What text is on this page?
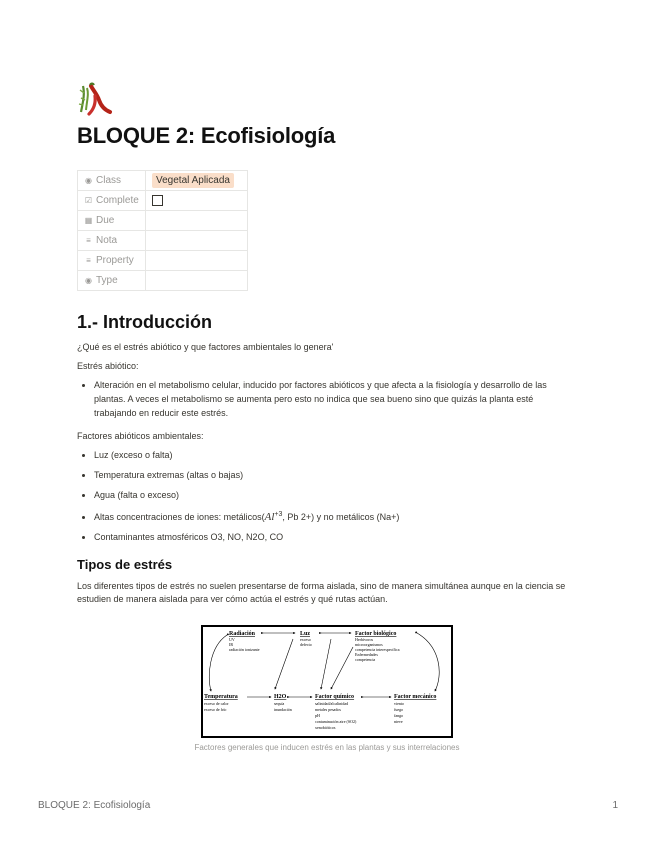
BLOQUE 2: Ecofisiología
◉ Class	Vegetal Aplicada
☑ Complete	
▦ Due	
≡ Nota	
≡ Property	
◉ Type	
1.- Introducción

¿Qué es el estrés abiótico y que factores ambientales lo genera'

Estrés abiótico:

• Alteración en el metabolismo celular, inducido por factores abióticos y que afecta a la fisiología y desarrollo de las plantas. A veces el metabolismo se aumenta pero esto no indica que sea bueno sino que quizás la planta esté trabajando en reducir este estrés.

Factores abióticos ambientales:

• Luz (exceso o falta)
• Temperatura extremas (altas o bajas)
• Agua (falta o exceso)
• Altas concentraciones de iones: $metálicos(Al^{+3}$, Pb 2+) y no metálicos (Na+)
• Contaminantes atmosféricos O3, NO, N2O, CO
Tipos de estrés

Los diferentes tipos de estrés no suelen presentarse de forma aislada, sino de manera simultánea aunque en la ciencia se estudien de manera aislada para ver cómo actúa el estrés y qué rutas actúan.

Radiación
UV
IR
radiación ionizante
Luz
exceso
defecto
Factor biológico
Herbívoros
microorganismos
competencia interespecífica
Enfermedades
competencia
Temperatura
exceso de calor
exceso de frío
H2O
sequía
inundación
Factor químico
salinidad/alcalinidad
metales pesados
pH
contaminación aire (SO2)
xenobióticos
Factor mecánico
viento
fuego
fango
nieve
Factores generales que inducen estrés en las plantas y sus interrelaciones
BLOQUE 2: Ecofisiología	1
